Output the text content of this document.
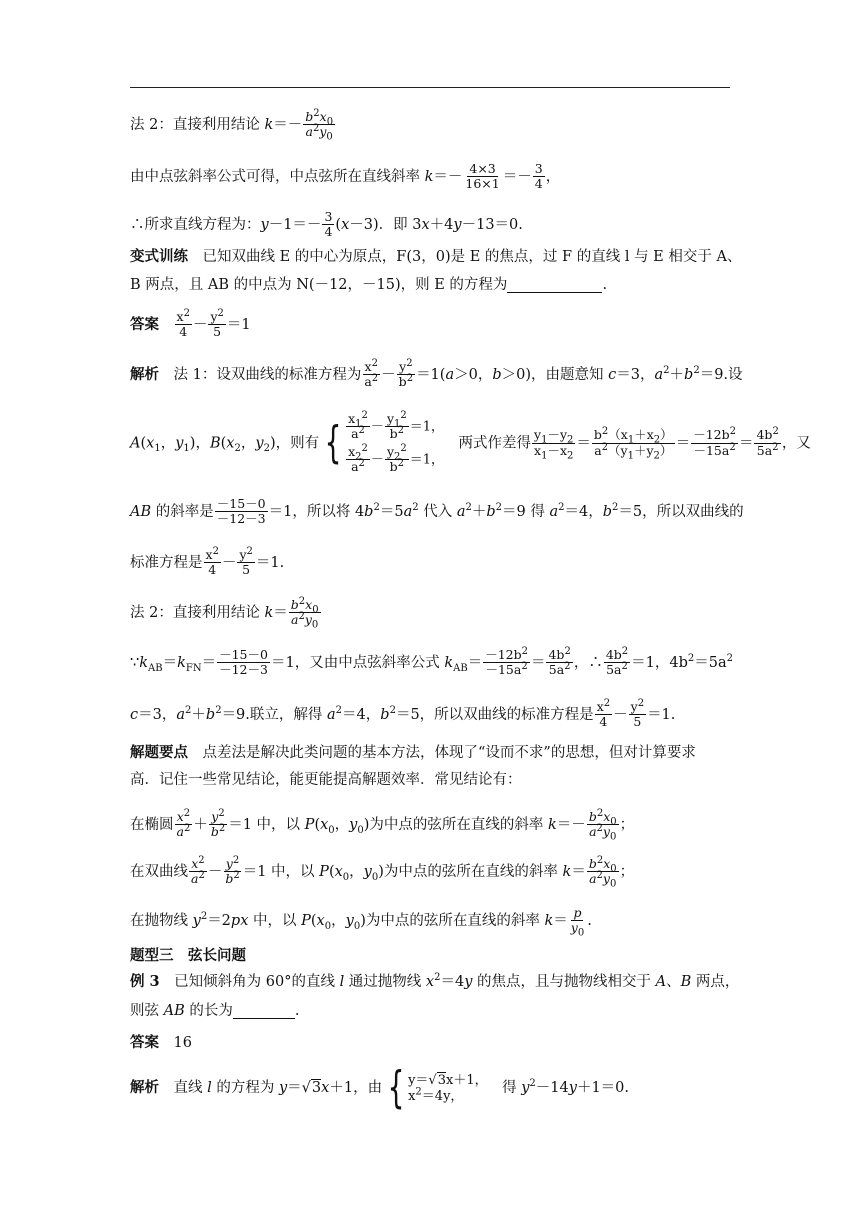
法 2：直接利用结论 $k=- \frac{b^2x_0}{a^2y_0}$
由中点弦斜率公式可得，中点弦所在直线斜率 $k=- \frac{4\times 3}{16\times 1} =- \frac{3}{4}$ ，
∴所求直线方程为：$y-1=- \frac{3}{4} (x-3)$．即 3x＋4y－13＝0.
变式训练　 已知双曲线 E 的中心为原点，F(3，0)是 E 的焦点，过 F 的直线 l 与 E 相交于 A、
B 两点，且 AB 的中点为 N(－12，－15)，则 E 的方程为	.
答案　 $\frac{x^2}{4} - \frac{y^2}{5} =1$
解析　法 1：设双曲线的标准方程为 $\frac{x^2}{a^2} - \frac{y^2}{b^2} =1(a>0$，b＞0)，由题意知 c＝3，$a^2+b^2=9$.设
$A(x_1$，$y_1$)，$B(x_2$，$y_2$)，则有 { $\frac{x_1^2}{a^2} - \frac{y_1^2}{b^2} =1$，
$\frac{x_2^2}{a^2} - \frac{y_2^2}{b^2} =1$，
　两式作差得 $\frac{y_1-y_2}{x_1-x_2} = \frac{b^2(x_1+x_2)}{a^2(y_1+y_2)} = \frac{-12b^2}{-15a^2} = \frac{4b^2}{5a^2}$ ，又
AB 的斜率是 $\frac{-15-0}{-12-3} =1$，所以将 $4b^2=5a^2$ 代入 $a^2+b^2=9$ 得 $a^2=4$，$b^2=5$，所以双曲线的
标准方程是 $\frac{x^2}{4} - \frac{y^2}{5} =1$.
法 2：直接利用结论 $k= \frac{b^2x_0}{a^2y_0}$
$\because k_{AB}=k_{FN}= \frac{-15-0}{-12-3} =1$，又由中点弦斜率公式 $k_{AB}= \frac{-12b^2}{-15a^2} = \frac{4b^2}{5a^2}$ ，∴ $\frac{4b^2}{5a^2} =1$，$4b^2=5a^2$
c＝3，$a^2+b^2=9$.联立，解得 $a^2=4$，$b^2=5$，所以双曲线的标准方程是 $\frac{x^2}{4} - \frac{y^2}{5} =1$.
解题要点　 点差法是解决此类问题的基本方法，体现了“设而不求”的思想，但对计算要求
高．记住一些常见结论，能更能提高解题效率．常见结论有：
在椭圆 $\frac{x^2}{a^2} + \frac{y^2}{b^2} =1$ 中，以 $P(x_0$，$y_0$)为中点的弦所在直线的斜率 $k=- \frac{b^2x_0}{a^2y_0}$ ；
在双曲线 $\frac{x^2}{a^2} - \frac{y^2}{b^2} =1$ 中，以 $P(x_0$，$y_0$)为中点的弦所在直线的斜率 $k= \frac{b^2x_0}{a^2y_0}$ ；
在抛物线 $y^2=2px$ 中，以 $P(x_0$，$y_0$)为中点的弦所在直线的斜率 $k= \frac{p}{y_0}$ .
题型三　弦长问题
例 3　已知倾斜角为 60°的直线 l 通过抛物线 $x^2=4y$ 的焦点，且与抛物线相交于 A、B 两点，
则弦 AB 的长为	.
答案　 16
解析　直线 l 的方程为 y＝√3x＋1，由 { y＝√3x＋1，
$x^2=4y$，	　得 $y^2-14y+1=0$.
